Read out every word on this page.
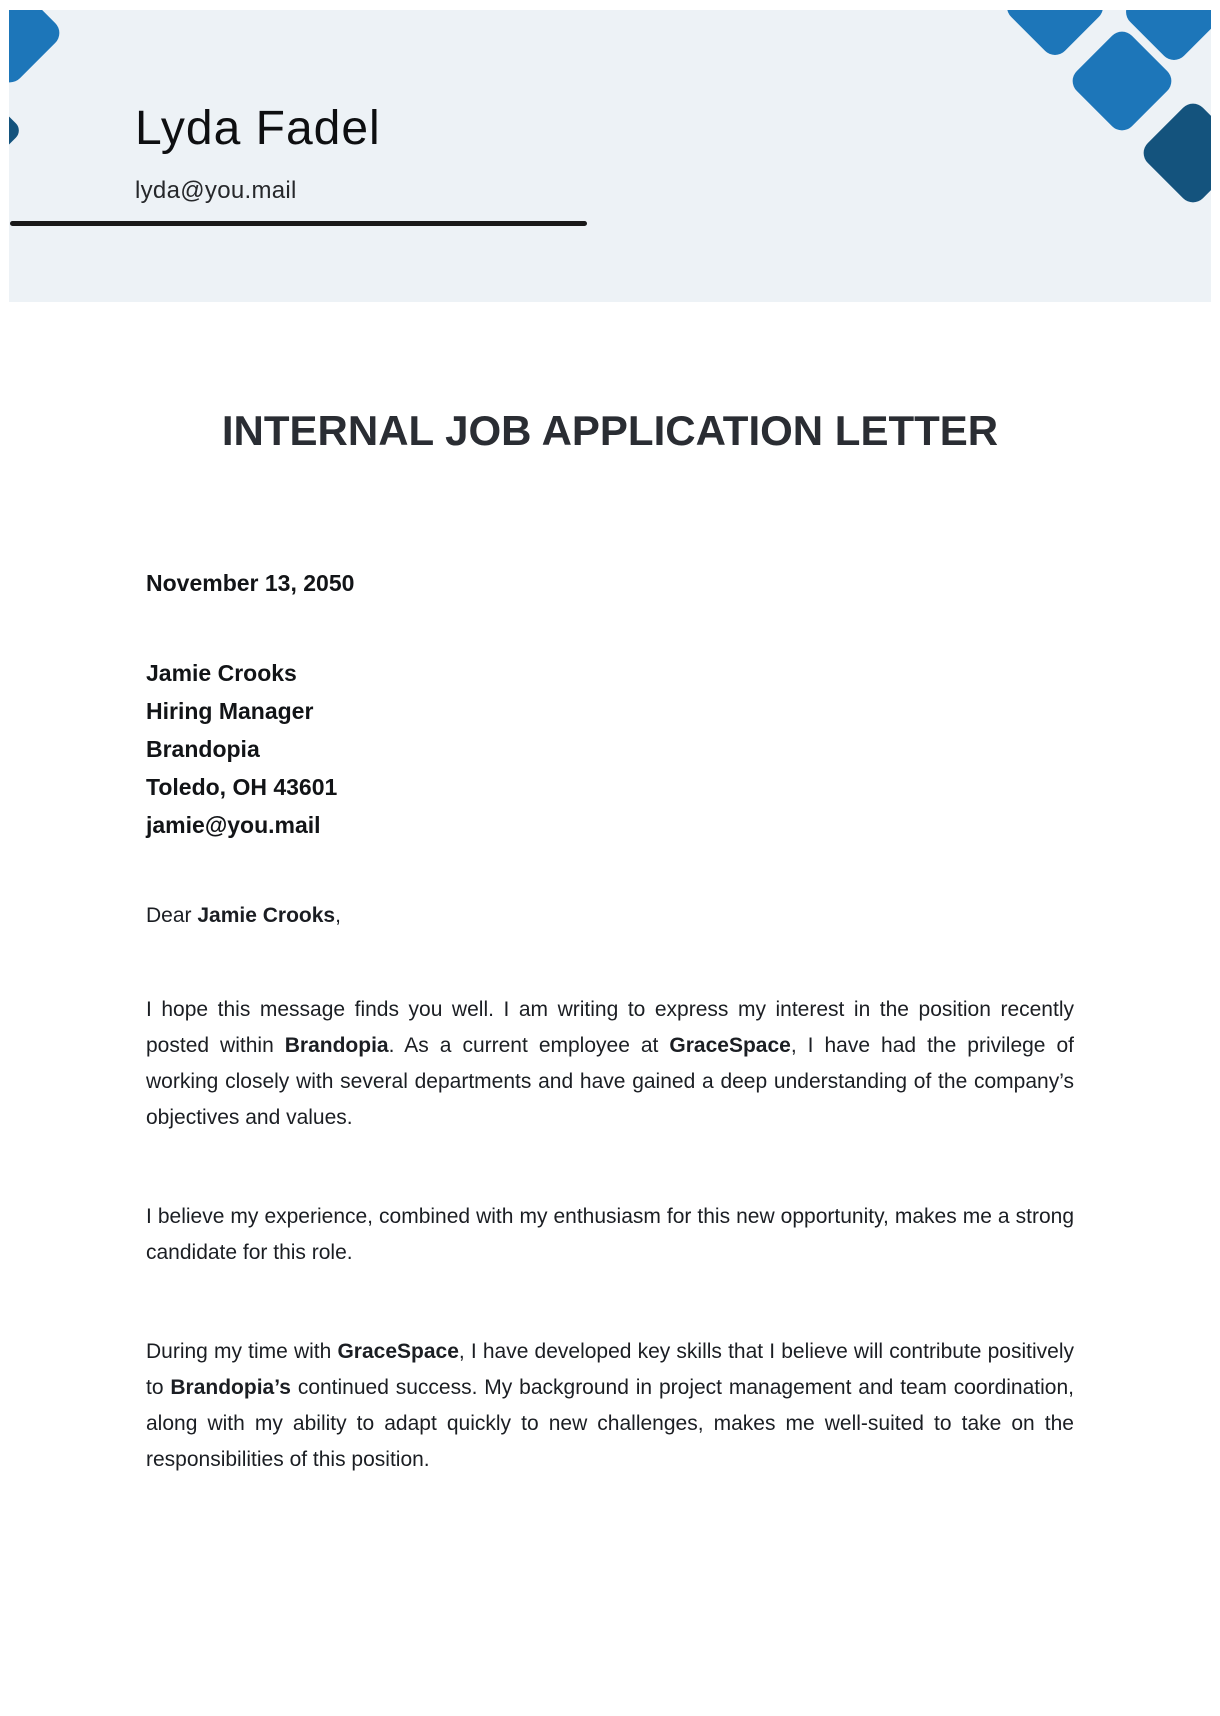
Lyda Fadel
lyda@you.mail
INTERNAL JOB APPLICATION LETTER

November 13, 2050

Jamie Crooks
Hiring Manager
Brandopia
Toledo, OH 43601
jamie@you.mail

Dear Jamie Crooks,

I hope this message finds you well. I am writing to express my interest in the position recently posted within Brandopia. As a current employee at GraceSpace, I have had the privilege of working closely with several departments and have gained a deep understanding of the company’s objectives and values.

I believe my experience, combined with my enthusiasm for this new opportunity, makes me a strong candidate for this role.

During my time with GraceSpace, I have developed key skills that I believe will contribute positively to Brandopia’s continued success. My background in project management and team coordination, along with my ability to adapt quickly to new challenges, makes me well-suited to take on the responsibilities of this position.
